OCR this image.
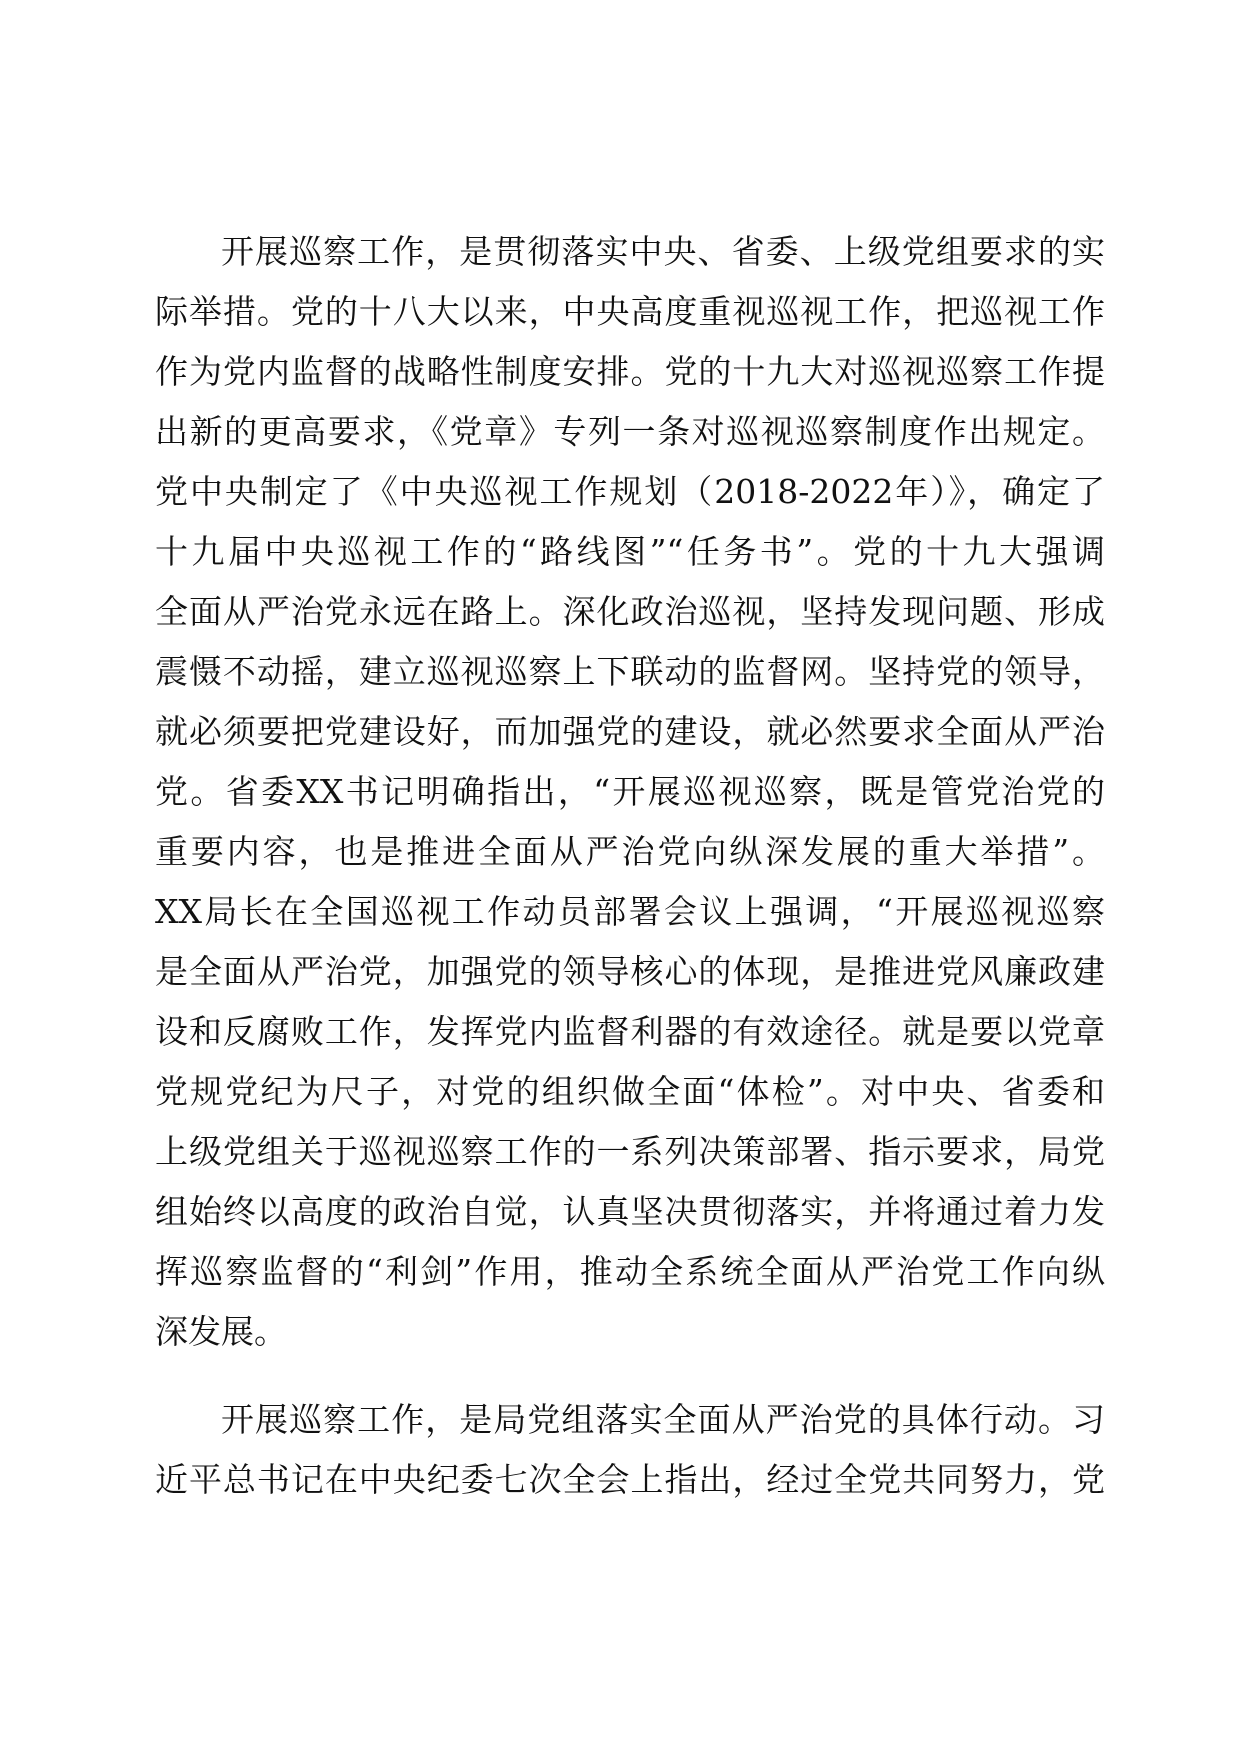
开展巡察工作，是贯彻落实中央、省委、上级党组要求的实
际举措。党的十八大以来，中央高度重视巡视工作，把巡视工作
作为党内监督的战略性制度安排。党的十九大对巡视巡察工作提
出新的更高要求，《党章》专列一条对巡视巡察制度作出规定。
党中央制定了《中央巡视工作规划（2018-2022年）》，确定了
十九届中央巡视工作的“路线图”“任务书”。党的十九大强调
全面从严治党永远在路上。深化政治巡视，坚持发现问题、形成
震慑不动摇，建立巡视巡察上下联动的监督网。坚持党的领导，
就必须要把党建设好，而加强党的建设，就必然要求全面从严治
党。省委XX书记明确指出，“开展巡视巡察，既是管党治党的
重要内容，也是推进全面从严治党向纵深发展的重大举措”。
XX局长在全国巡视工作动员部署会议上强调，“开展巡视巡察
是全面从严治党，加强党的领导核心的体现，是推进党风廉政建
设和反腐败工作，发挥党内监督利器的有效途径。就是要以党章
党规党纪为尺子，对党的组织做全面“体检”。对中央、省委和
上级党组关于巡视巡察工作的一系列决策部署、指示要求，局党
组始终以高度的政治自觉，认真坚决贯彻落实，并将通过着力发
挥巡察监督的“利剑”作用，推动全系统全面从严治党工作向纵
深发展。
开展巡察工作，是局党组落实全面从严治党的具体行动。习
近平总书记在中央纪委七次全会上指出，经过全党共同努力，党
